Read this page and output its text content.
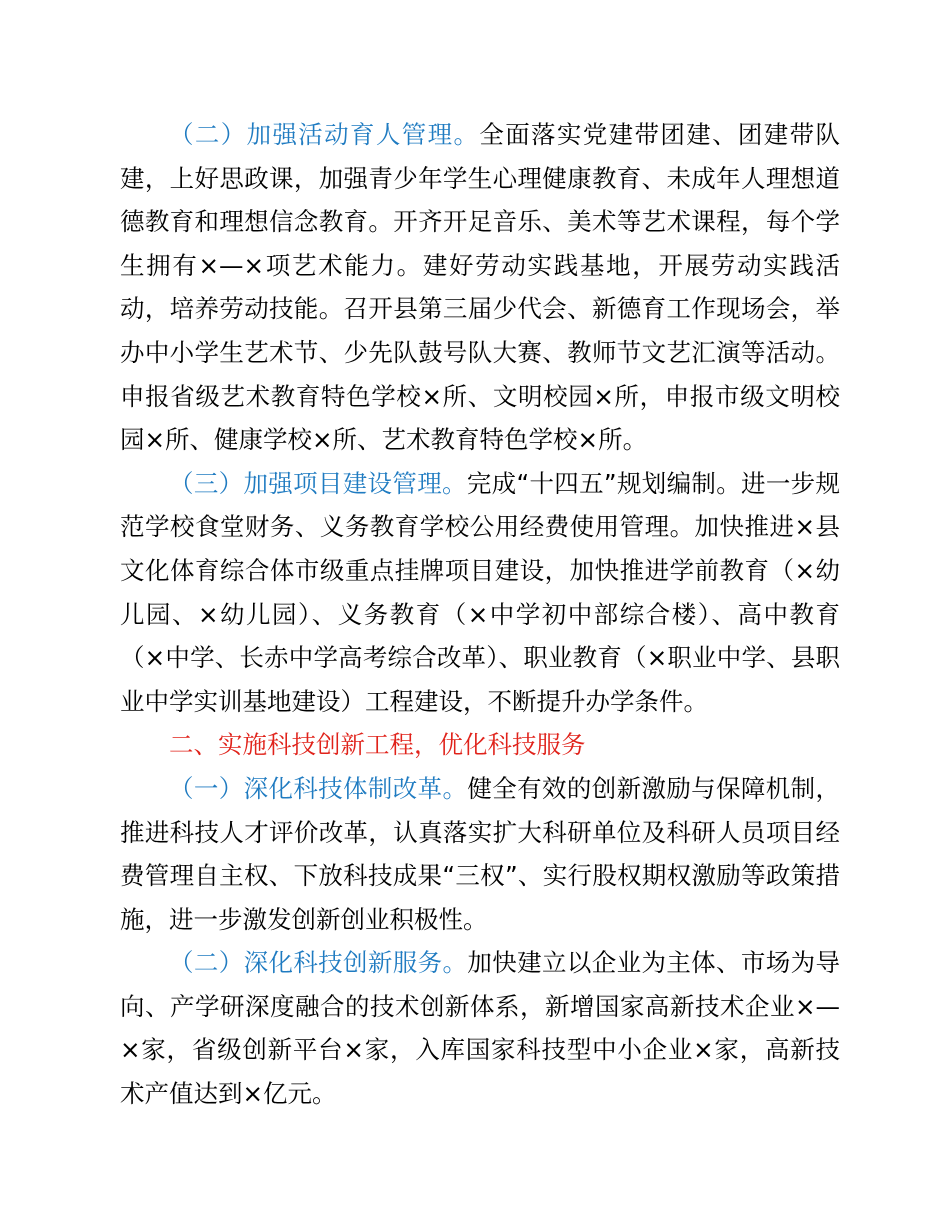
（二）加强活动育人管理。全面落实党建带团建、团建带队建，上好思政课，加强青少年学生心理健康教育、未成年人理想道德教育和理想信念教育。开齐开足音乐、美术等艺术课程，每个学生拥有×—×项艺术能力。建好劳动实践基地，开展劳动实践活动，培养劳动技能。召开县第三届少代会、新德育工作现场会，举办中小学生艺术节、少先队鼓号队大赛、教师节文艺汇演等活动。申报省级艺术教育特色学校×所、文明校园×所，申报市级文明校园×所、健康学校×所、艺术教育特色学校×所。

（三）加强项目建设管理。完成“十四五”规划编制。进一步规范学校食堂财务、义务教育学校公用经费使用管理。加快推进×县文化体育综合体市级重点挂牌项目建设，加快推进学前教育（×幼儿园、×幼儿园）、义务教育（×中学初中部综合楼）、高中教育（×中学、长赤中学高考综合改革）、职业教育（×职业中学、县职业中学实训基地建设）工程建设，不断提升办学条件。

二、实施科技创新工程，优化科技服务

（一）深化科技体制改革。健全有效的创新激励与保障机制，推进科技人才评价改革，认真落实扩大科研单位及科研人员项目经费管理自主权、下放科技成果“三权”、实行股权期权激励等政策措施，进一步激发创新创业积极性。

（二）深化科技创新服务。加快建立以企业为主体、市场为导向、产学研深度融合的技术创新体系，新增国家高新技术企业×—×家，省级创新平台×家，入库国家科技型中小企业×家，高新技术产值达到×亿元。
